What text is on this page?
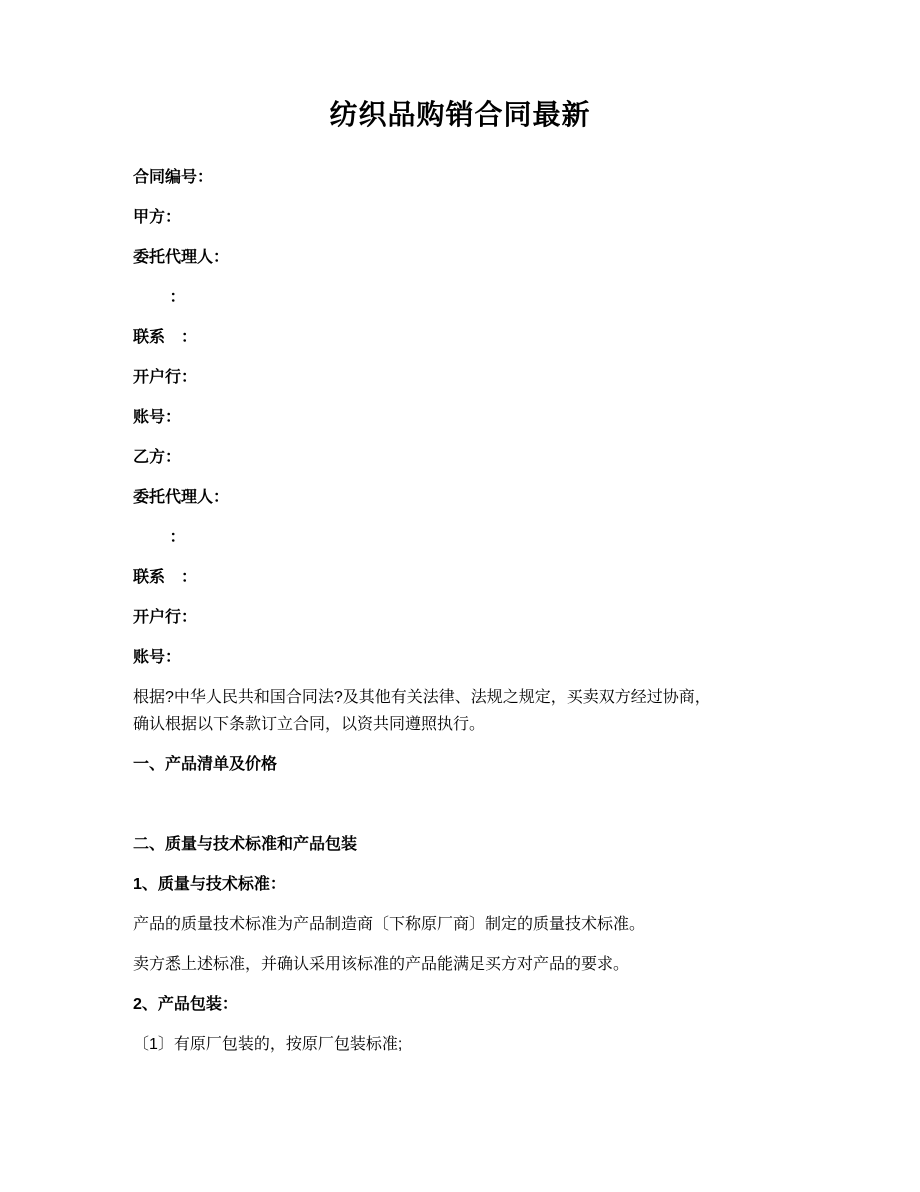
纺织品购销合同最新

合同编号：

甲方：

委托代理人：

　　 ：

联系　：

开户行：

账号：

乙方：

委托代理人：

　　 ：

联系　：

开户行：

账号：

根据?中华人民共和国合同法?及其他有关法律、法规之规定，买卖双方经过协商，确认根据以下条款订立合同，以资共同遵照执行。

一、产品清单及价格

二、质量与技术标准和产品包装

1、质量与技术标准：

产品的质量技术标准为产品制造商〔下称原厂商〕制定的质量技术标准。

卖方悉上述标准，并确认采用该标准的产品能满足买方对产品的要求。

2、产品包装：

〔1〕有原厂包装的，按原厂包装标准;
